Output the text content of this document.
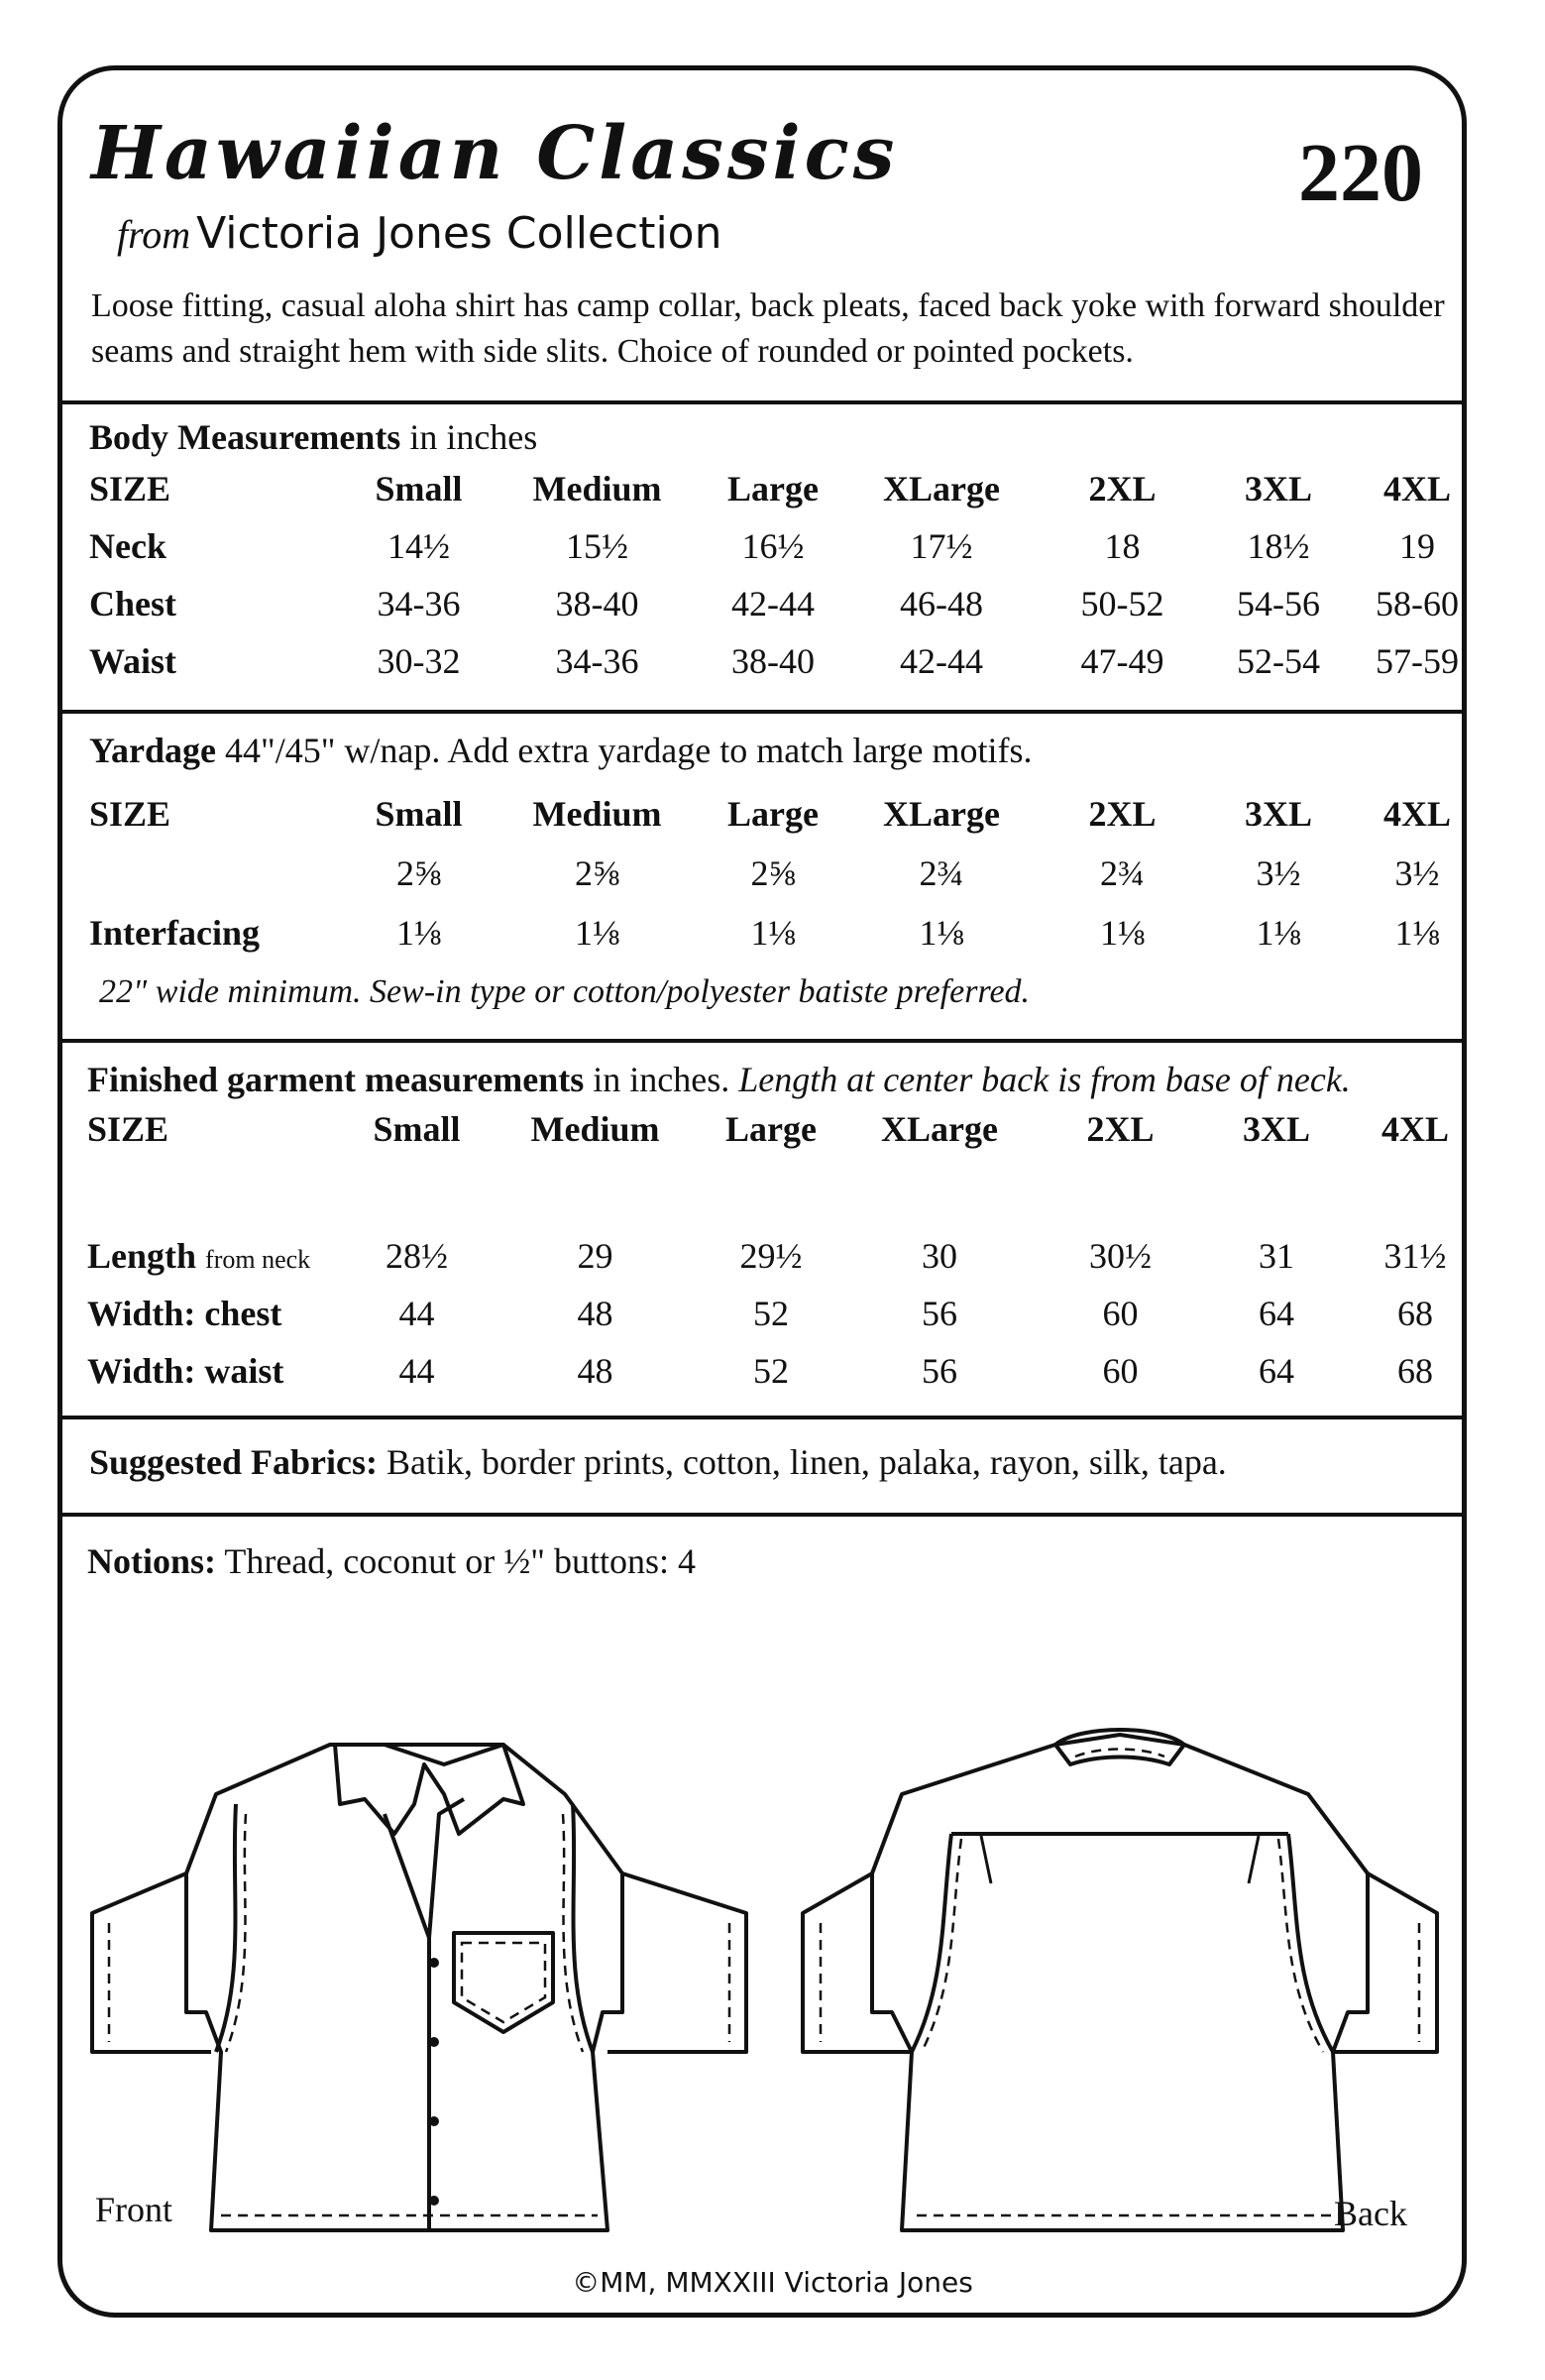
Hawaiian Classics
from Victoria Jones Collection
220
Loose fitting, casual aloha shirt has camp collar, back pleats, faced back yoke with forward shoulder seams and straight hem with side slits. Choice of rounded or pointed pockets.
Body Measurements in inches
SIZE	Small	Medium	Large	XLarge	2XL	3XL	4XL
Neck	14½	15½	16½	17½	18	18½	19
Chest	34-36	38-40	42-44	46-48	50-52	54-56	58-60
Waist	30-32	34-36	38-40	42-44	47-49	52-54	57-59
Yardage 44"/45" w/nap. Add extra yardage to match large motifs.
SIZE	Small	Medium	Large	XLarge	2XL	3XL	4XL
	2⅝	2⅝	2⅝	2¾	2¾	3½	3½
Interfacing	1⅛	1⅛	1⅛	1⅛	1⅛	1⅛	1⅛
22" wide minimum. Sew-in type or cotton/polyester batiste preferred.
Finished garment measurements in inches. Length at center back is from base of neck.
SIZE	Small	Medium	Large	XLarge	2XL	3XL	4XL
Length from neck	28½	29	29½	30	30½	31	31½
Width: chest	44	48	52	56	60	64	68
Width: waist	44	48	52	56	60	64	68
Suggested Fabrics: Batik, border prints, cotton, linen, palaka, rayon, silk, tapa.
Notions: Thread, coconut or ½" buttons: 4
Front	Back
©MM, MMXXIII Victoria Jones
